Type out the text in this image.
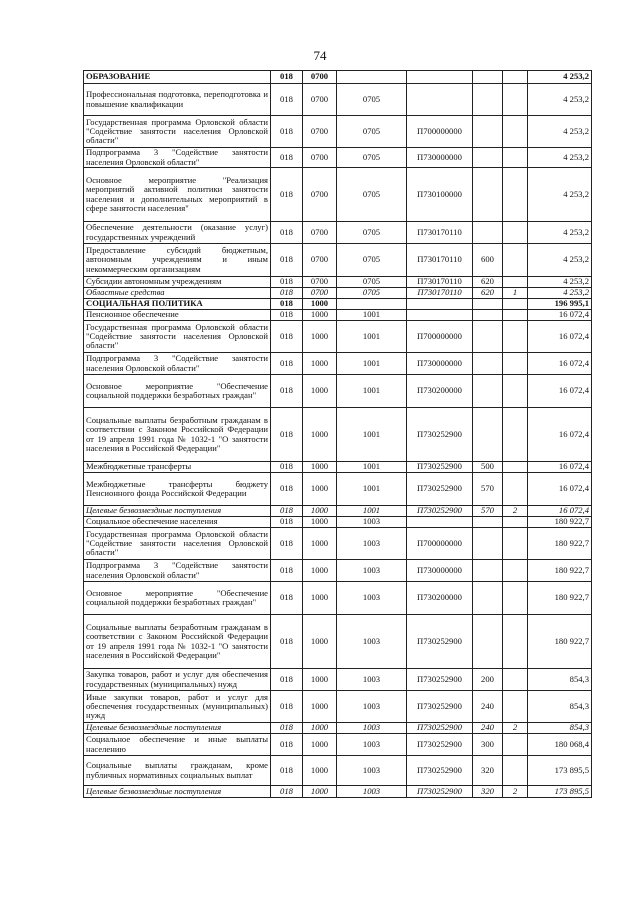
74
ОБРАЗОВАНИЕ	018	0700					4 253,2
Профессиональная подготовка, переподготовка и повышение квалификации	018	0700	0705				4 253,2
Государственная программа Орловской области "Содействие занятости населения Орловской области"	018	0700	0705	П700000000			4 253,2
Подпрограмма 3 "Содействие занятости населения Орловской области"	018	0700	0705	П730000000			4 253,2
Основное мероприятие "Реализация мероприятий активной политики занятости населения и дополнительных мероприятий в сфере занятости населения"	018	0700	0705	П730100000			4 253,2
Обеспечение деятельности (оказание услуг) государственных учреждений	018	0700	0705	П730170110			4 253,2
Предоставление субсидий бюджетным, автономным учреждениям и иным некоммерческим организациям	018	0700	0705	П730170110	600		4 253,2
Субсидии автономным учреждениям	018	0700	0705	П730170110	620		4 253,2
Областные средства	018	0700	0705	П730170110	620	1	4 253,2
СОЦИАЛЬНАЯ ПОЛИТИКА	018	1000					196 995,1
Пенсионное обеспечение	018	1000	1001				16 072,4
Государственная программа Орловской области "Содействие занятости населения Орловской области"	018	1000	1001	П700000000			16 072,4
Подпрограмма 3 "Содействие занятости населения Орловской области"	018	1000	1001	П730000000			16 072,4
Основное мероприятие "Обеспечение социальной поддержки безработных граждан"	018	1000	1001	П730200000			16 072,4
Социальные выплаты безработным гражданам в соответствии с Законом Российской Федерации от 19 апреля 1991 года № 1032-1 "О занятости населения в Российской Федерации"	018	1000	1001	П730252900			16 072,4
Межбюджетные трансферты	018	1000	1001	П730252900	500		16 072,4
Межбюджетные трансферты бюджету Пенсионного фонда Российской Федерации	018	1000	1001	П730252900	570		16 072,4
Целевые безвозмездные поступления	018	1000	1001	П730252900	570	2	16 072,4
Социальное обеспечение населения	018	1000	1003				180 922,7
Государственная программа Орловской области "Содействие занятости населения Орловской области"	018	1000	1003	П700000000			180 922,7
Подпрограмма 3 "Содействие занятости населения Орловской области"	018	1000	1003	П730000000			180 922,7
Основное мероприятие "Обеспечение социальной поддержки безработных граждан"	018	1000	1003	П730200000			180 922,7
Социальные выплаты безработным гражданам в соответствии с Законом Российской Федерации от 19 апреля 1991 года № 1032-1 "О занятости населения в Российской Федерации"	018	1000	1003	П730252900			180 922,7
Закупка товаров, работ и услуг для обеспечения государственных (муниципальных) нужд	018	1000	1003	П730252900	200		854,3
Иные закупки товаров, работ и услуг для обеспечения государственных (муниципальных) нужд	018	1000	1003	П730252900	240		854,3
Целевые безвозмездные поступления	018	1000	1003	П730252900	240	2	854,3
Социальное обеспечение и иные выплаты населению	018	1000	1003	П730252900	300		180 068,4
Социальные выплаты гражданам, кроме публичных нормативных социальных выплат	018	1000	1003	П730252900	320		173 895,5
Целевые безвозмездные поступления	018	1000	1003	П730252900	320	2	173 895,5
